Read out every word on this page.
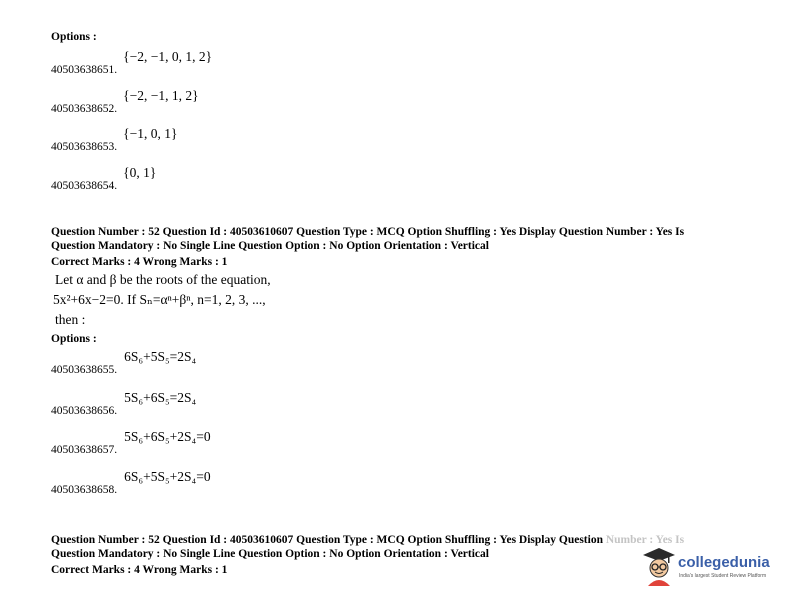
Options :
$_{40503638651.}$ {−2, −1, 0, 1, 2}
$_{40503638652.}$ {−2, −1, 1, 2}
$_{40503638653.}$ {−1, 0, 1}
$_{40503638654.}$ {0, 1}
Question Number : 52 Question Id : 40503610607 Question Type : MCQ Option Shuffling : Yes Display Question Number : Yes Is
Question Mandatory : No Single Line Question Option : No Option Orientation : Vertical
Correct Marks : 4 Wrong Marks : 1
Let α and β be the roots of the equation,
5x²+6x−2=0. If Sₙ=αⁿ+βⁿ, n=1, 2, 3, ...,
then :
Options :
$_{40503638655.}$ 6S₆+5S₅=2S₄
$_{40503638656.}$ 5S₆+6S₅=2S₄
$_{40503638657.}$ 5S₆+6S₅+2S₄=0
$_{40503638658.}$ 6S₆+5S₅+2S₄=0
Question Number : 52 Question Id : 40503610607 Question Type : MCQ Option Shuffling : Yes Display Question Number : Yes Is
Question Mandatory : No Single Line Question Option : No Option Orientation : Vertical
Correct Marks : 4 Wrong Marks : 1	collegedunia
India's largest Student Review Platform
